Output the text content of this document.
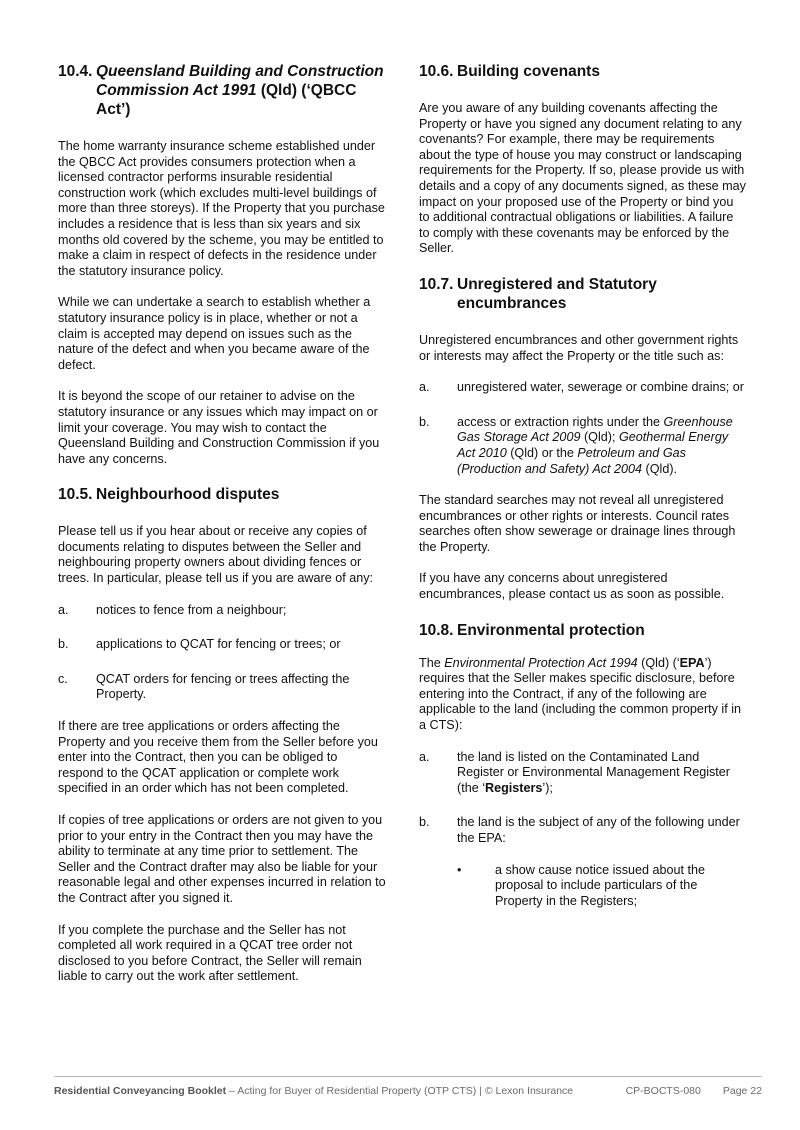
10.4. Queensland Building and Construction Commission Act 1991 (Qld) (‘QBCC Act’)

The home warranty insurance scheme established under the QBCC Act provides consumers protection when a licensed contractor performs insurable residential construction work (which excludes multi-level buildings of more than three storeys). If the Property that you purchase includes a residence that is less than six years and six months old covered by the scheme, you may be entitled to make a claim in respect of defects in the residence under the statutory insurance policy.

While we can undertake a search to establish whether a statutory insurance policy is in place, whether or not a claim is accepted may depend on issues such as the nature of the defect and when you became aware of the defect.

It is beyond the scope of our retainer to advise on the statutory insurance or any issues which may impact on or limit your coverage. You may wish to contact the Queensland Building and Construction Commission if you have any concerns.

10.5. Neighbourhood disputes

Please tell us if you hear about or receive any copies of documents relating to disputes between the Seller and neighbouring property owners about dividing fences or trees. In particular, please tell us if you are aware of any:

a.	notices to fence from a neighbour;
b.	applications to QCAT for fencing or trees; or
c.	QCAT orders for fencing or trees affecting the Property.

If there are tree applications or orders affecting the Property and you receive them from the Seller before you enter into the Contract, then you can be obliged to respond to the QCAT application or complete work specified in an order which has not been completed.

If copies of tree applications or orders are not given to you prior to your entry in the Contract then you may have the ability to terminate at any time prior to settlement. The Seller and the Contract drafter may also be liable for your reasonable legal and other expenses incurred in relation to the Contract after you signed it.

If you complete the purchase and the Seller has not completed all work required in a QCAT tree order not disclosed to you before Contract, the Seller will remain liable to carry out the work after settlement.

10.6. Building covenants

Are you aware of any building covenants affecting the Property or have you signed any document relating to any covenants? For example, there may be requirements about the type of house you may construct or landscaping requirements for the Property. If so, please provide us with details and a copy of any documents signed, as these may impact on your proposed use of the Property or bind you to additional contractual obligations or liabilities. A failure to comply with these covenants may be enforced by the Seller.

10.7. Unregistered and Statutory encumbrances

Unregistered encumbrances and other government rights or interests may affect the Property or the title such as:

a.	unregistered water, sewerage or combine drains; or
b.	access or extraction rights under the Greenhouse Gas Storage Act 2009 (Qld); Geothermal Energy Act 2010 (Qld) or the Petroleum and Gas (Production and Safety) Act 2004 (Qld).

The standard searches may not reveal all unregistered encumbrances or other rights or interests. Council rates searches often show sewerage or drainage lines through the Property.

If you have any concerns about unregistered encumbrances, please contact us as soon as possible.

10.8. Environmental protection

The Environmental Protection Act 1994 (Qld) (‘EPA’) requires that the Seller makes specific disclosure, before entering into the Contract, if any of the following are applicable to the land (including the common property if in a CTS):

a.	the land is listed on the Contaminated Land Register or Environmental Management Register (the ‘Registers’);
b.	the land is the subject of any of the following under the EPA:
•	a show cause notice issued about the proposal to include particulars of the Property in the Registers;
Residential Conveyancing Booklet – Acting for Buyer of Residential Property (OTP CTS) | © Lexon Insurance	CP-BOCTS-080 Page 22
